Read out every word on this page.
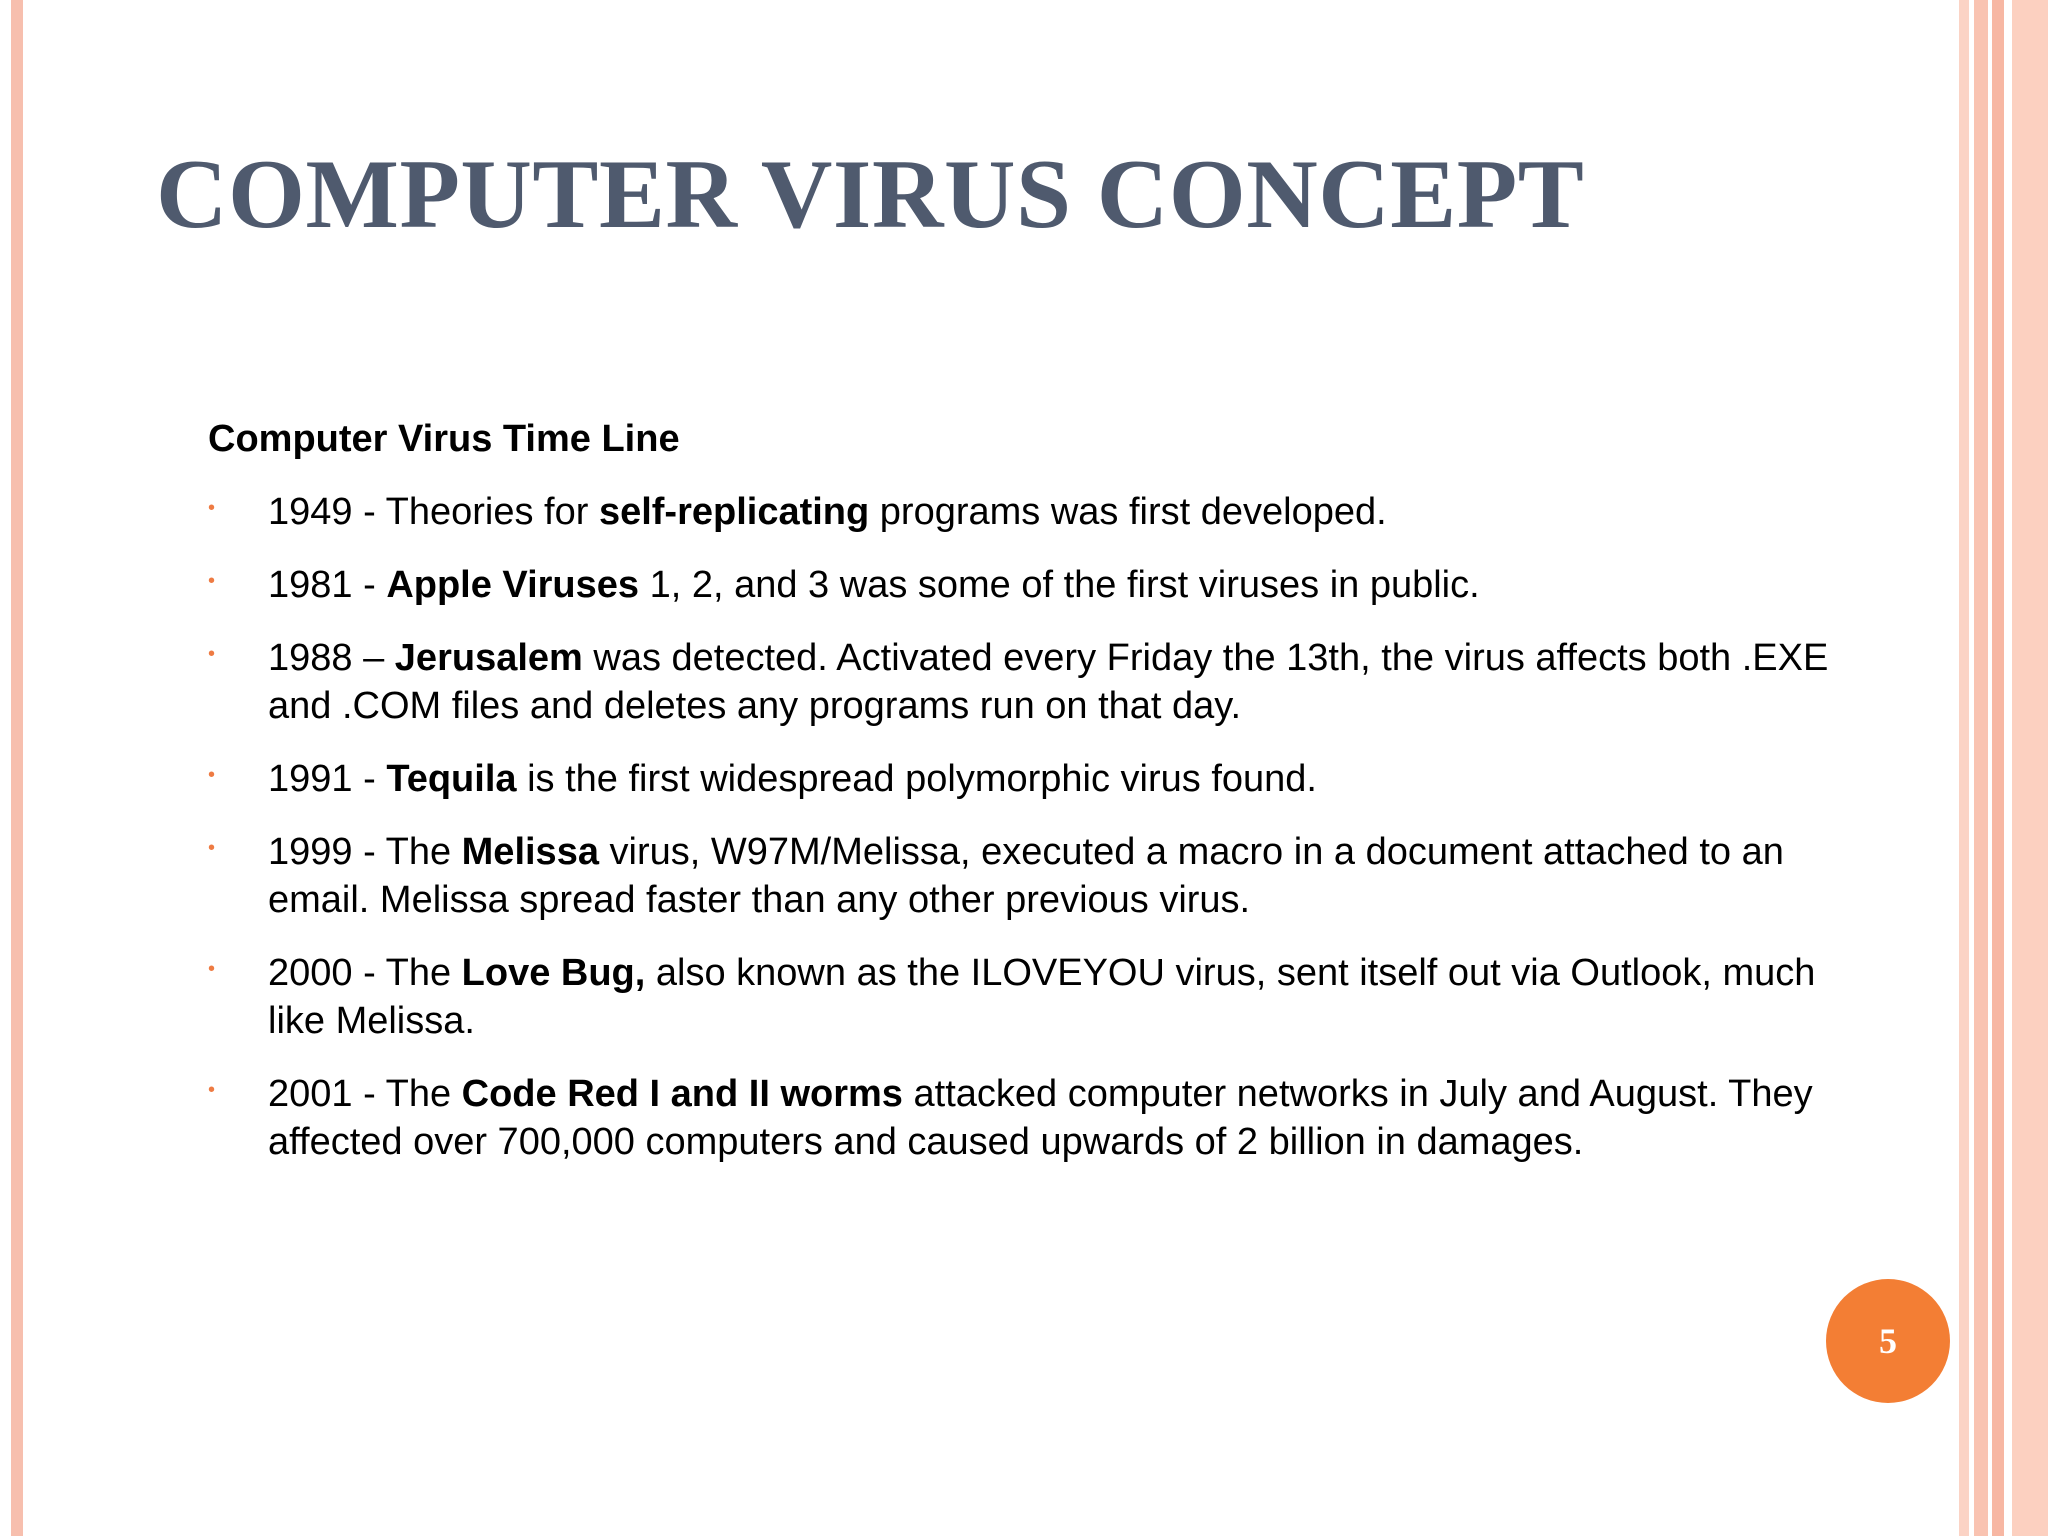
COMPUTER VIRUS CONCEPT
Computer Virus Time Line
•	1949 - Theories for self-replicating programs was first developed.
•	1981 - Apple Viruses 1, 2, and 3 was some of the first viruses in public.
•	1988 – Jerusalem was detected. Activated every Friday the 13th, the virus affects both .EXE and .COM files and deletes any programs run on that day.
•	1991 - Tequila is the first widespread polymorphic virus found.
•	1999 - The Melissa virus, W97M/Melissa, executed a macro in a document attached to an email. Melissa spread faster than any other previous virus.
•	2000 - The Love Bug, also known as the ILOVEYOU virus, sent itself out via Outlook, much like Melissa.
•	2001 - The Code Red I and II worms attacked computer networks in July and August. They affected over 700,000 computers and caused upwards of 2 billion in damages.
5
